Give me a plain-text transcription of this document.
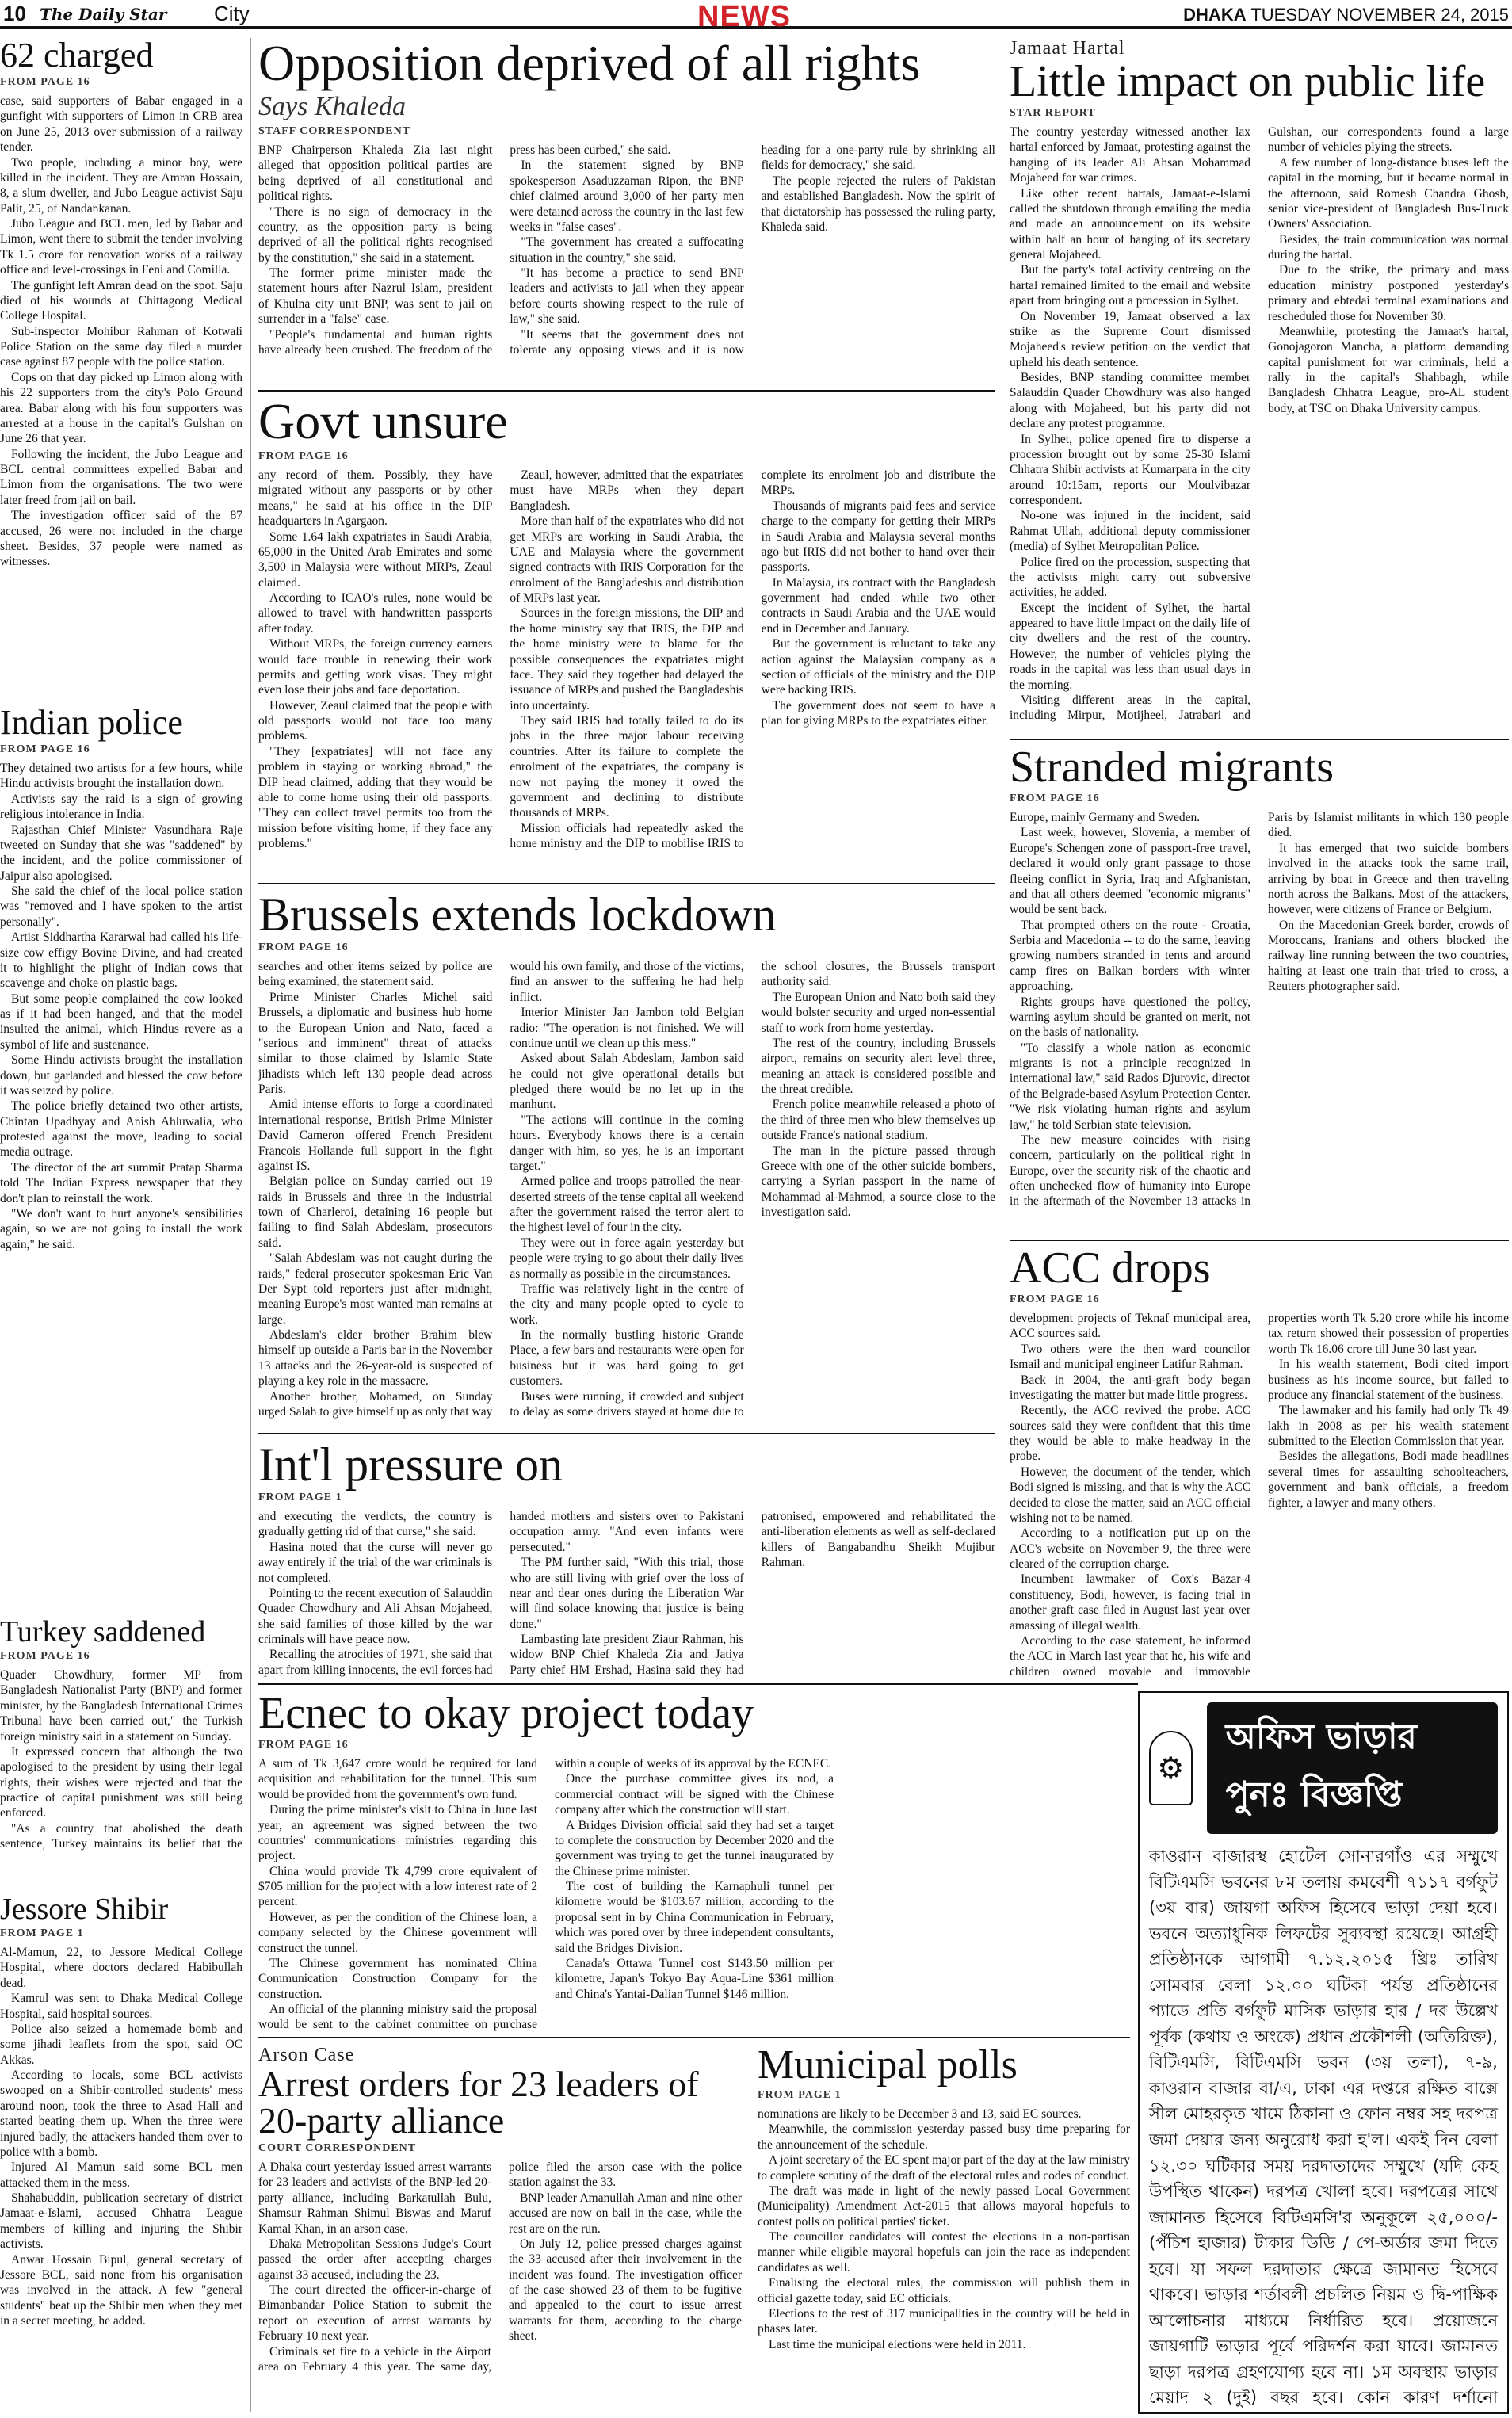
10 The Daily Star City	NEWS	DHAKA TUESDAY NOVEMBER 24, 2015
62 charged
FROM PAGE 16

case, said supporters of Babar engaged in a gunfight with supporters of Limon in CRB area on June 25, 2013 over submission of a railway tender.

Two people, including a minor boy, were killed in the incident. They are Amran Hossain, 8, a slum dweller, and Jubo League activist Saju Palit, 25, of Nandankanan.

Jubo League and BCL men, led by Babar and Limon, went there to submit the tender involving Tk 1.5 crore for renovation works of a railway office and level-crossings in Feni and Comilla.

The gunfight left Amran dead on the spot. Saju died of his wounds at Chittagong Medical College Hospital.

Sub-inspector Mohibur Rahman of Kotwali Police Station on the same day filed a murder case against 87 people with the police station.

Cops on that day picked up Limon along with his 22 supporters from the city's Polo Ground area. Babar along with his four supporters was arrested at a house in the capital's Gulshan on June 26 that year.

Following the incident, the Jubo League and BCL central committees expelled Babar and Limon from the organisations. The two were later freed from jail on bail.

The investigation officer said of the 87 accused, 26 were not included in the charge sheet. Besides, 37 people were named as witnesses.

Indian police
FROM PAGE 16

They detained two artists for a few hours, while Hindu activists brought the installation down.

Activists say the raid is a sign of growing religious intolerance in India.

Rajasthan Chief Minister Vasundhara Raje tweeted on Sunday that she was "saddened" by the incident, and the police commissioner of Jaipur also apologised.

She said the chief of the local police station was "removed and I have spoken to the artist personally".

Artist Siddhartha Kararwal had called his life-size cow effigy Bovine Divine, and had created it to highlight the plight of Indian cows that scavenge and choke on plastic bags.

But some people complained the cow looked as if it had been hanged, and that the model insulted the animal, which Hindus revere as a symbol of life and sustenance.

Some Hindu activists brought the installation down, but garlanded and blessed the cow before it was seized by police.

The police briefly detained two other artists, Chintan Upadhyay and Anish Ahluwalia, who protested against the move, leading to social media outrage.

The director of the art summit Pratap Sharma told The Indian Express newspaper that they don't plan to reinstall the work.

"We don't want to hurt anyone's sensibilities again, so we are not going to install the work again," he said.

Turkey saddened
FROM PAGE 16

Quader Chowdhury, former MP from Bangladesh Nationalist Party (BNP) and former minister, by the Bangladesh International Crimes Tribunal have been carried out," the Turkish foreign ministry said in a statement on Sunday.

It expressed concern that although the two apologised to the president by using their legal rights, their wishes were rejected and that the practice of capital punishment was still being enforced.

"As a country that abolished the death sentence, Turkey maintains its belief that the

Jessore Shibir
FROM PAGE 1

Al-Mamun, 22, to Jessore Medical College Hospital, where doctors declared Habibullah dead.

Kamrul was sent to Dhaka Medical College Hospital, said hospital sources.

Police also seized a homemade bomb and some jihadi leaflets from the spot, said OC Akkas.

According to locals, some BCL activists swooped on a Shibir-controlled students' mess around noon, took the three to Asad Hall and started beating them up. When the three were injured badly, the attackers handed them over to police with a bomb.

Injured Al Mamun said some BCL men attacked them in the mess.

Shahabuddin, publication secretary of district Jamaat-e-Islami, accused Chhatra League members of killing and injuring the Shibir activists.

Anwar Hossain Bipul, general secretary of Jessore BCL, said none from his organisation was involved in the attack. A few "general students" beat up the Shibir men when they met in a secret meeting, he added.

Opposition deprived of all rights
Says Khaleda
STAFF CORRESPONDENT

BNP Chairperson Khaleda Zia last night alleged that opposition political parties are being deprived of all constitutional and political rights.

"There is no sign of democracy in the country, as the opposition party is being deprived of all the political rights recognised by the constitution," she said in a statement.

The former prime minister made the statement hours after Nazrul Islam, president of Khulna city unit BNP, was sent to jail on surrender in a "false" case.

"People's fundamental and human rights have already been crushed. The freedom of the press has been curbed," she said.

In the statement signed by BNP spokesperson Asaduzzaman Ripon, the BNP chief claimed around 3,000 of her party men were detained across the country in the last few weeks in "false cases".

"The government has created a suffocating situation in the country," she said.

"It has become a practice to send BNP leaders and activists to jail when they appear before courts showing respect to the rule of law," she said.

"It seems that the government does not tolerate any opposing views and it is now heading for a one-party rule by shrinking all fields for democracy," she said.

The people rejected the rulers of Pakistan and established Bangladesh. Now the spirit of that dictatorship has possessed the ruling party, Khaleda said.

Govt unsure
FROM PAGE 16

any record of them. Possibly, they have migrated without any passports or by other means," he said at his office in the DIP headquarters in Agargaon.

Some 1.64 lakh expatriates in Saudi Arabia, 65,000 in the United Arab Emirates and some 3,500 in Malaysia were without MRPs, Zeaul claimed.

According to ICAO's rules, none would be allowed to travel with handwritten passports after today.

Without MRPs, the foreign currency earners would face trouble in renewing their work permits and getting work visas. They might even lose their jobs and face deportation.

However, Zeaul claimed that the people with old passports would not face too many problems.

"They [expatriates] will not face any problem in staying or working abroad," the DIP head claimed, adding that they would be able to come home using their old passports. "They can collect travel permits too from the mission before visiting home, if they face any problems."

Zeaul, however, admitted that the expatriates must have MRPs when they depart Bangladesh.

More than half of the expatriates who did not get MRPs are working in Saudi Arabia, the UAE and Malaysia where the government signed contracts with IRIS Corporation for the enrolment of the Bangladeshis and distribution of MRPs last year.

Sources in the foreign missions, the DIP and the home ministry say that IRIS, the DIP and the home ministry were to blame for the possible consequences the expatriates might face. They said they together had delayed the issuance of MRPs and pushed the Bangladeshis into uncertainty.

They said IRIS had totally failed to do its jobs in the three major labour receiving countries. After its failure to complete the enrolment of the expatriates, the company is now not paying the money it owed the government and declining to distribute thousands of MRPs.

Mission officials had repeatedly asked the home ministry and the DIP to mobilise IRIS to complete its enrolment job and distribute the MRPs.

Thousands of migrants paid fees and service charge to the company for getting their MRPs in Saudi Arabia and Malaysia several months ago but IRIS did not bother to hand over their passports.

In Malaysia, its contract with the Bangladesh government had ended while two other contracts in Saudi Arabia and the UAE would end in December and January.

But the government is reluctant to take any action against the Malaysian company as a section of officials of the ministry and the DIP were backing IRIS.

The government does not seem to have a plan for giving MRPs to the expatriates either.

Brussels extends lockdown
FROM PAGE 16

searches and other items seized by police are being examined, the statement said.

Prime Minister Charles Michel said Brussels, a diplomatic and business hub home to the European Union and Nato, faced a "serious and imminent" threat of attacks similar to those claimed by Islamic State jihadists which left 130 people dead across Paris.

Amid intense efforts to forge a coordinated international response, British Prime Minister David Cameron offered French President Francois Hollande full support in the fight against IS.

Belgian police on Sunday carried out 19 raids in Brussels and three in the industrial town of Charleroi, detaining 16 people but failing to find Salah Abdeslam, prosecutors said.

"Salah Abdeslam was not caught during the raids," federal prosecutor spokesman Eric Van Der Sypt told reporters just after midnight, meaning Europe's most wanted man remains at large.

Abdeslam's elder brother Brahim blew himself up outside a Paris bar in the November 13 attacks and the 26-year-old is suspected of playing a key role in the massacre.

Another brother, Mohamed, on Sunday urged Salah to give himself up as only that way would his own family, and those of the victims, find an answer to the suffering he had help inflict.

Interior Minister Jan Jambon told Belgian radio: "The operation is not finished. We will continue until we clean up this mess."

Asked about Salah Abdeslam, Jambon said he could not give operational details but pledged there would be no let up in the manhunt.

"The actions will continue in the coming hours. Everybody knows there is a certain danger with him, so yes, he is an important target."

Armed police and troops patrolled the near-deserted streets of the tense capital all weekend after the government raised the terror alert to the highest level of four in the city.

They were out in force again yesterday but people were trying to go about their daily lives as normally as possible in the circumstances.

Traffic was relatively light in the centre of the city and many people opted to cycle to work.

In the normally bustling historic Grande Place, a few bars and restaurants were open for business but it was hard going to get customers.

Buses were running, if crowded and subject to delay as some drivers stayed at home due to the school closures, the Brussels transport authority said.

The European Union and Nato both said they would bolster security and urged non-essential staff to work from home yesterday.

The rest of the country, including Brussels airport, remains on security alert level three, meaning an attack is considered possible and the threat credible.

French police meanwhile released a photo of the third of three men who blew themselves up outside France's national stadium.

The man in the picture passed through Greece with one of the other suicide bombers, carrying a Syrian passport in the name of Mohammad al-Mahmod, a source close to the investigation said.

Int'l pressure on
FROM PAGE 1

and executing the verdicts, the country is gradually getting rid of that curse," she said.

Hasina noted that the curse will never go away entirely if the trial of the war criminals is not completed.

Pointing to the recent execution of Salauddin Quader Chowdhury and Ali Ahsan Mojaheed, she said families of those killed by the war criminals will have peace now.

Recalling the atrocities of 1971, she said that apart from killing innocents, the evil forces had handed mothers and sisters over to Pakistani occupation army. "And even infants were persecuted."

The PM further said, "With this trial, those who are still living with grief over the loss of near and dear ones during the Liberation War will find solace knowing that justice is being done."

Lambasting late president Ziaur Rahman, his widow BNP Chief Khaleda Zia and Jatiya Party chief HM Ershad, Hasina said they had patronised, empowered and rehabilitated the anti-liberation elements as well as self-declared killers of Bangabandhu Sheikh Mujibur Rahman.

Jamaat Hartal
Little impact on public life
STAR REPORT

The country yesterday witnessed another lax hartal enforced by Jamaat, protesting against the hanging of its leader Ali Ahsan Mohammad Mojaheed for war crimes.

Like other recent hartals, Jamaat-e-Islami called the shutdown through emailing the media and made an announcement on its website within half an hour of hanging of its secretary general Mojaheed.

But the party's total activity centreing on the hartal remained limited to the email and website apart from bringing out a procession in Sylhet.

On November 19, Jamaat observed a lax strike as the Supreme Court dismissed Mojaheed's review petition on the verdict that upheld his death sentence.

Besides, BNP standing committee member Salauddin Quader Chowdhury was also hanged along with Mojaheed, but his party did not declare any protest programme.

In Sylhet, police opened fire to disperse a procession brought out by some 25-30 Islami Chhatra Shibir activists at Kumarpara in the city around 10:15am, reports our Moulvibazar correspondent.

No-one was injured in the incident, said Rahmat Ullah, additional deputy commissioner (media) of Sylhet Metropolitan Police.

Police fired on the procession, suspecting that the activists might carry out subversive activities, he added.

Except the incident of Sylhet, the hartal appeared to have little impact on the daily life of city dwellers and the rest of the country. However, the number of vehicles plying the roads in the capital was less than usual days in the morning.

Visiting different areas in the capital, including Mirpur, Motijheel, Jatrabari and Gulshan, our correspondents found a large number of vehicles plying the streets.

A few number of long-distance buses left the capital in the morning, but it became normal in the afternoon, said Romesh Chandra Ghosh, senior vice-president of Bangladesh Bus-Truck Owners' Association.

Besides, the train communication was normal during the hartal.

Due to the strike, the primary and mass education ministry postponed yesterday's primary and ebtedai terminal examinations and rescheduled those for November 30.

Meanwhile, protesting the Jamaat's hartal, Gonojagoron Mancha, a platform demanding capital punishment for war criminals, held a rally in the capital's Shahbagh, while Bangladesh Chhatra League, pro-AL student body, at TSC on Dhaka University campus.

Stranded migrants
FROM PAGE 16

Europe, mainly Germany and Sweden.

Last week, however, Slovenia, a member of Europe's Schengen zone of passport-free travel, declared it would only grant passage to those fleeing conflict in Syria, Iraq and Afghanistan, and that all others deemed "economic migrants" would be sent back.

That prompted others on the route - Croatia, Serbia and Macedonia -- to do the same, leaving growing numbers stranded in tents and around camp fires on Balkan borders with winter approaching.

Rights groups have questioned the policy, warning asylum should be granted on merit, not on the basis of nationality.

"To classify a whole nation as economic migrants is not a principle recognized in international law," said Rados Djurovic, director of the Belgrade-based Asylum Protection Center. "We risk violating human rights and asylum law," he told Serbian state television.

The new measure coincides with rising concern, particularly on the political right in Europe, over the security risk of the chaotic and often unchecked flow of humanity into Europe in the aftermath of the November 13 attacks in Paris by Islamist militants in which 130 people died.

It has emerged that two suicide bombers involved in the attacks took the same trail, arriving by boat in Greece and then traveling north across the Balkans. Most of the attackers, however, were citizens of France or Belgium.

On the Macedonian-Greek border, crowds of Moroccans, Iranians and others blocked the railway line running between the two countries, halting at least one train that tried to cross, a Reuters photographer said.

ACC drops
FROM PAGE 16

development projects of Teknaf municipal area, ACC sources said.

Two others were the then ward councilor Ismail and municipal engineer Latifur Rahman.

Back in 2004, the anti-graft body began investigating the matter but made little progress.

Recently, the ACC revived the probe. ACC sources said they were confident that this time they would be able to make headway in the probe.

However, the document of the tender, which Bodi signed is missing, and that is why the ACC decided to close the matter, said an ACC official wishing not to be named.

According to a notification put up on the ACC's website on November 9, the three were cleared of the corruption charge.

Incumbent lawmaker of Cox's Bazar-4 constituency, Bodi, however, is facing trial in another graft case filed in August last year over amassing of illegal wealth.

According to the case statement, he informed the ACC in March last year that he, his wife and children owned movable and immovable properties worth Tk 5.20 crore while his income tax return showed their possession of properties worth Tk 16.06 crore till June 30 last year.

In his wealth statement, Bodi cited import business as his income source, but failed to produce any financial statement of the business.

The lawmaker and his family had only Tk 49 lakh in 2008 as per his wealth statement submitted to the Election Commission that year.

Besides the allegations, Bodi made headlines several times for assaulting schoolteachers, government and bank officials, a freedom fighter, a lawyer and many others.

Ecnec to okay project today
FROM PAGE 16

A sum of Tk 3,647 crore would be required for land acquisition and rehabilitation for the tunnel. This sum would be provided from the government's own fund.

During the prime minister's visit to China in June last year, an agreement was signed between the two countries' communications ministries regarding this project.

China would provide Tk 4,799 crore equivalent of $705 million for the project with a low interest rate of 2 percent.

However, as per the condition of the Chinese loan, a company selected by the Chinese government will construct the tunnel.

The Chinese government has nominated China Communication Construction Company for the construction.

An official of the planning ministry said the proposal would be sent to the cabinet committee on purchase within a couple of weeks of its approval by the ECNEC.

Once the purchase committee gives its nod, a commercial contract will be signed with the Chinese company after which the construction will start.

A Bridges Division official said they had set a target to complete the construction by December 2020 and the government was trying to get the tunnel inaugurated by the Chinese prime minister.

The cost of building the Karnaphuli tunnel per kilometre would be $103.67 million, according to the proposal sent in by China Communication in February, which was pored over by three independent consultants, said the Bridges Division.

Canada's Ottawa Tunnel cost $143.50 million per kilometre, Japan's Tokyo Bay Aqua-Line $361 million and China's Yantai-Dalian Tunnel $146 million.

Arson Case
Arrest orders for 23 leaders of 20-party alliance
COURT CORRESPONDENT

A Dhaka court yesterday issued arrest warrants for 23 leaders and activists of the BNP-led 20-party alliance, including Barkatullah Bulu, Shamsur Rahman Shimul Biswas and Maruf Kamal Khan, in an arson case.

Dhaka Metropolitan Sessions Judge's Court passed the order after accepting charges against 33 accused, including the 23.

The court directed the officer-in-charge of Bimanbandar Police Station to submit the report on execution of arrest warrants by February 10 next year.

Criminals set fire to a vehicle in the Airport area on February 4 this year. The same day, police filed the arson case with the police station against the 33.

BNP leader Amanullah Aman and nine other accused are now on bail in the case, while the rest are on the run.

On July 12, police pressed charges against the 33 accused after their involvement in the incident was found. The investigation officer of the case showed 23 of them to be fugitive and appealed to the court to issue arrest warrants for them, according to the charge sheet.

Municipal polls
FROM PAGE 1

nominations are likely to be December 3 and 13, said EC sources.

Meanwhile, the commission yesterday passed busy time preparing for the announcement of the schedule.

A joint secretary of the EC spent major part of the day at the law ministry to complete scrutiny of the draft of the electoral rules and codes of conduct.

The draft was made in light of the newly passed Local Government (Municipality) Amendment Act-2015 that allows mayoral hopefuls to contest polls on political parties' ticket.

The councillor candidates will contest the elections in a non-partisan manner while eligible mayoral hopefuls can join the race as independent candidates as well.

Finalising the electoral rules, the commission will publish them in official gazette today, said EC officials.

Elections to the rest of 317 municipalities in the country will be held in phases later.

Last time the municipal elections were held in 2011.

⚙
অফিস ভাড়ার পুনঃ বিজ্ঞপ্তি
কাওরান বাজারস্থ হোটেল সোনারগাঁও এর সম্মুখে বিটিএমসি ভবনের ৮ম তলায় কমবেশী ৭১১৭ বর্গফুট (৩য় বার) জায়গা অফিস হিসেবে ভাড়া দেয়া হবে। ভবনে অত্যাধুনিক লিফটের সুব্যবস্থা রয়েছে। আগ্রহী প্রতিষ্ঠানকে আগামী ৭.১২.২০১৫ খ্রিঃ তারিখ সোমবার বেলা ১২.০০ ঘটিকা পর্যন্ত প্রতিষ্ঠানের প্যাডে প্রতি বর্গফুট মাসিক ভাড়ার হার / দর উল্লেখ পূর্বক (কথায় ও অংকে) প্রধান প্রকৌশলী (অতিরিক্ত), বিটিএমসি, বিটিএমসি ভবন (৩য় তলা), ৭-৯, কাওরান বাজার বা/এ, ঢাকা এর দপ্তরে রক্ষিত বাক্সে সীল মোহরকৃত খামে ঠিকানা ও ফোন নম্বর সহ দরপত্র জমা দেয়ার জন্য অনুরোধ করা হ'ল। একই দিন বেলা ১২.৩০ ঘটিকার সময় দরদাতাদের সম্মুখে (যদি কেহ উপস্থিত থাকেন) দরপত্র খোলা হবে। দরপত্রের সাথে জামানত হিসেবে বিটিএমসি'র অনুকূলে ২৫,০০০/- (পঁচিশ হাজার) টাকার ডিডি / পে-অর্ডার জমা দিতে হবে। যা সফল দরদাতার ক্ষেত্রে জামানত হিসেবে থাকবে। ভাড়ার শর্তাবলী প্রচলিত নিয়ম ও দ্বি-পাক্ষিক আলোচনার মাধ্যমে নির্ধারিত হবে। প্রয়োজনে জায়গাটি ভাড়ার পূর্বে পরিদর্শন করা যাবে। জামানত ছাড়া দরপত্র গ্রহণযোগ্য হবে না। ১ম অবস্থায় ভাড়ার মেয়াদ ২ (দুই) বছর হবে। কোন কারণ দর্শানো
